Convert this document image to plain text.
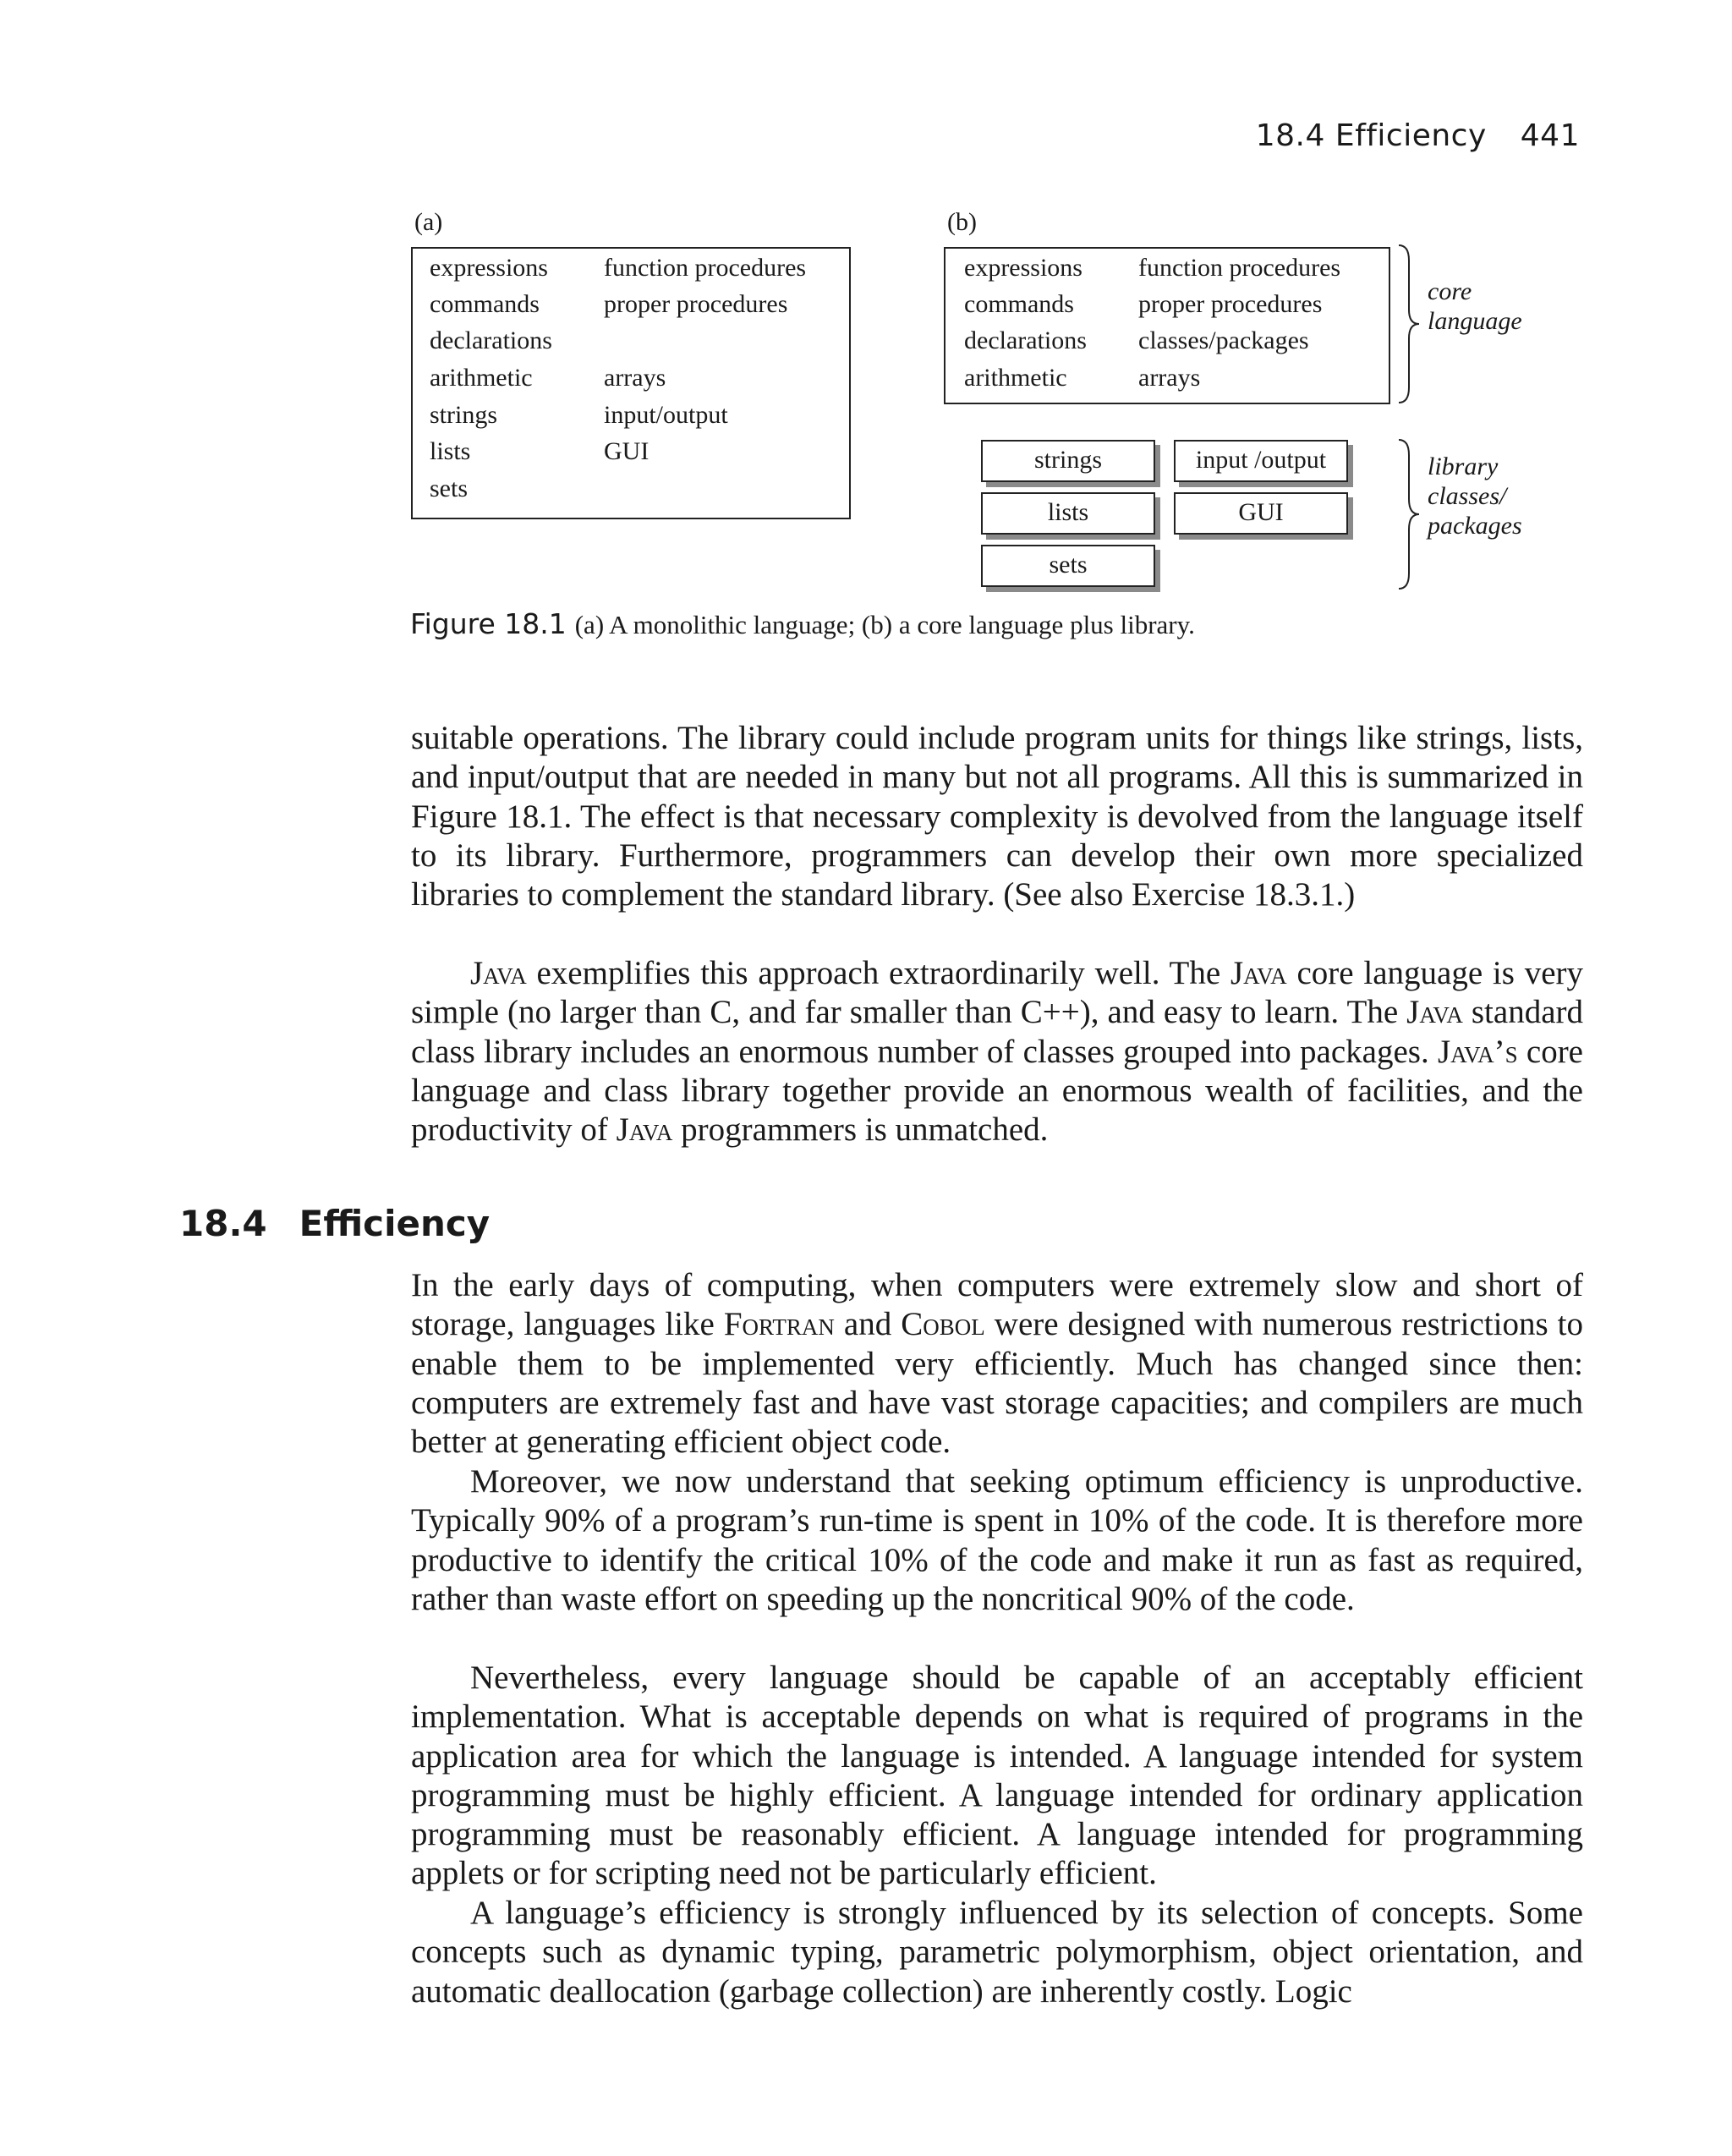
18.4 Efficiency 441
(a)
expressions
commands
declarations
arithmetic
strings
lists
sets
function procedures
proper procedures
arrays
input/output
GUI
(b)
expressions
commands
declarations
arithmetic
function procedures
proper procedures
classes/packages
arrays
strings	input /output
lists	GUI
sets
core
language
library
classes/
packages
Figure 18.1 (a) A monolithic language; (b) a core language plus library.

suitable operations. The library could include program units for things like strings, lists, and input/output that are needed in many but not all programs. All this is summarized in Figure 18.1. The effect is that necessary complexity is devolved from the language itself to its library. Furthermore, programmers can develop their own more specialized libraries to complement the standard library. (See also Exercise 18.3.1.)

Java exemplifies this approach extraordinarily well. The Java core language is very simple (no larger than C, and far smaller than C++), and easy to learn. The Java standard class library includes an enormous number of classes grouped into packages. Java’s core language and class library together provide an enormous wealth of facilities, and the productivity of Java programmers is unmatched.

18.4 Efficiency

In the early days of computing, when computers were extremely slow and short of storage, languages like Fortran and Cobol were designed with numerous restrictions to enable them to be implemented very efficiently. Much has changed since then: computers are extremely fast and have vast storage capacities; and compilers are much better at generating efficient object code.

Moreover, we now understand that seeking optimum efficiency is unproductive. Typically 90% of a program’s run-time is spent in 10% of the code. It is therefore more productive to identify the critical 10% of the code and make it run as fast as required, rather than waste effort on speeding up the noncritical 90% of the code.

Nevertheless, every language should be capable of an acceptably efficient implementation. What is acceptable depends on what is required of programs in the application area for which the language is intended. A language intended for system programming must be highly efficient. A language intended for ordinary application programming must be reasonably efficient. A language intended for programming applets or for scripting need not be particularly efficient.

A language’s efficiency is strongly influenced by its selection of concepts. Some concepts such as dynamic typing, parametric polymorphism, object orientation, and automatic deallocation (garbage collection) are inherently costly. Logic
